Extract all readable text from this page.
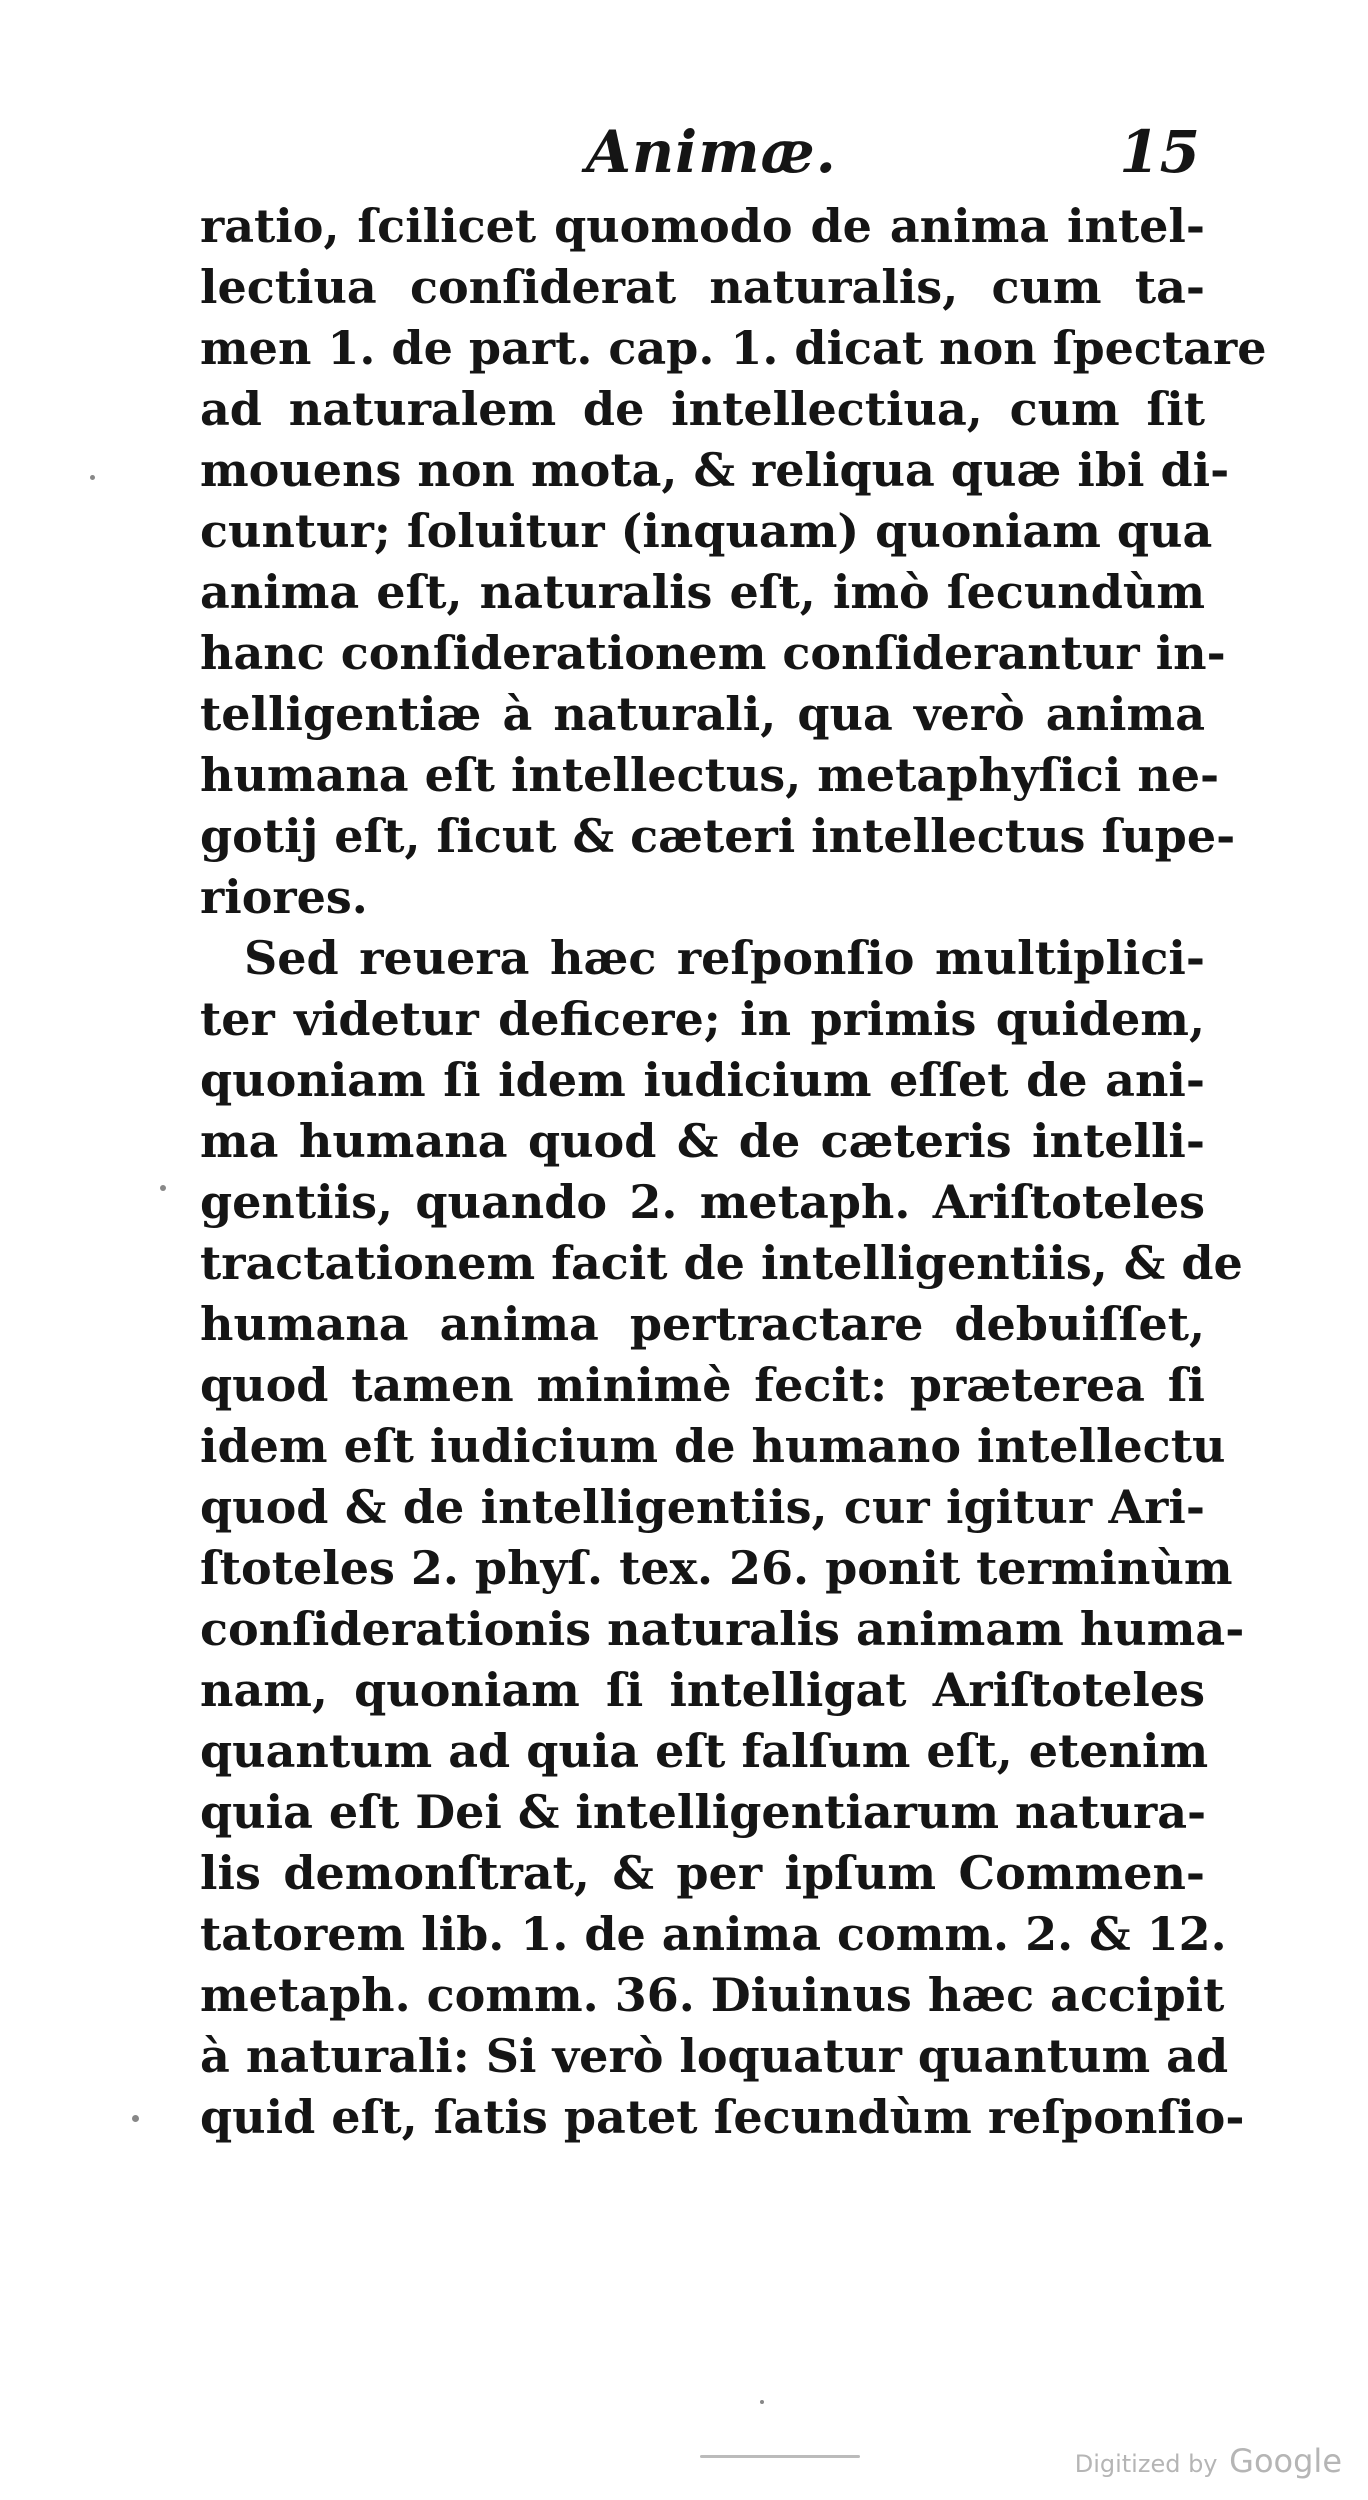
Animæ.	15
ratio, ſcilicet quomodo de anima intel-
lectiua conſiderat naturalis, cum ta-
men 1. de part. cap. 1. dicat non ſpectare
ad naturalem de intellectiua, cum ſit
mouens non mota, & reliqua quæ ibi di-
cuntur; ſoluitur (inquam) quoniam qua
anima eſt, naturalis eſt, imò ſecundùm
hanc conſiderationem conſiderantur in-
telligentiæ à naturali, qua verò anima
humana eſt intellectus, metaphyſici ne-
gotij eſt, ſicut & cæteri intellectus ſupe-
riores.
Sed reuera hæc reſponſio multiplici-
ter videtur deficere; in primis quidem,
quoniam ſi idem iudicium eſſet de ani-
ma humana quod & de cæteris intelli-
gentiis, quando 2. metaph. Ariſtoteles
tractationem facit de intelligentiis, & de
humana anima pertractare debuiſſet,
quod tamen minimè fecit: præterea ſi
idem eſt iudicium de humano intellectu
quod & de intelligentiis, cur igitur Ari-
ſtoteles 2. phyſ. tex. 26. ponit terminùm
conſiderationis naturalis animam huma-
nam, quoniam ſi intelligat Ariſtoteles
quantum ad quia eſt falſum eſt, etenim
quia eſt Dei & intelligentiarum natura-
lis demonſtrat, & per ipſum Commen-
tatorem lib. 1. de anima comm. 2. & 12.
metaph. comm. 36. Diuinus hæc accipit
à naturali: Si verò loquatur quantum ad
quid eſt, ſatis patet ſecundùm reſponſio-
Digitized by Google
